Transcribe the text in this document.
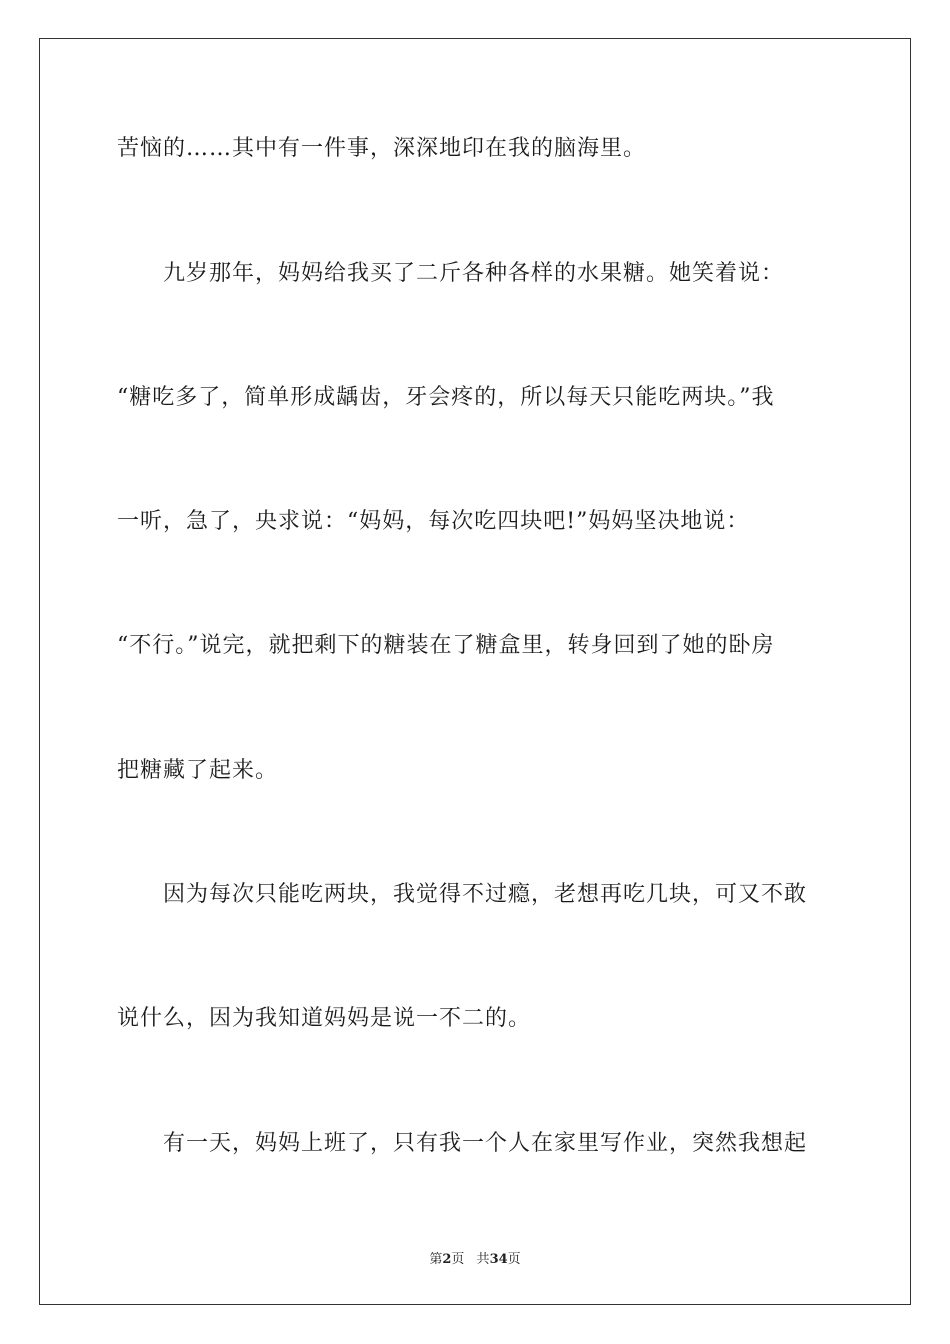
苦恼的……其中有一件事，深深地印在我的脑海里。
九岁那年，妈妈给我买了二斤各种各样的水果糖。她笑着说：
“糖吃多了，简单形成龋齿，牙会疼的，所以每天只能吃两块。”我
一听，急了，央求说：“妈妈，每次吃四块吧!”妈妈坚决地说：
“不行。”说完，就把剩下的糖装在了糖盒里，转身回到了她的卧房
把糖藏了起来。
因为每次只能吃两块，我觉得不过瘾，老想再吃几块，可又不敢
说什么，因为我知道妈妈是说一不二的。
有一天，妈妈上班了，只有我一个人在家里写作业，突然我想起
第2页 共34页
